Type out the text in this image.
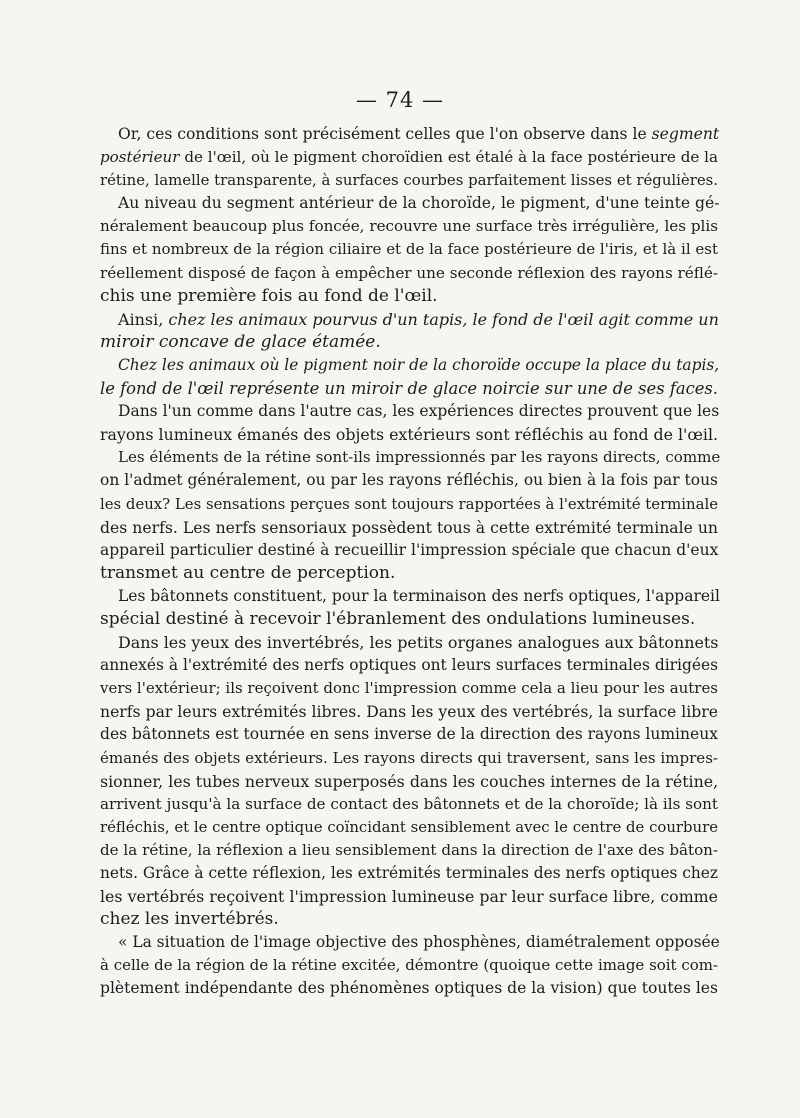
— 74 —
Or, ces conditions sont précisément celles que l'on observe dans le segment
postérieur de l'œil, où le pigment choroïdien est étalé à la face postérieure de la
rétine, lamelle transparente, à surfaces courbes parfaitement lisses et régulières.
Au niveau du segment antérieur de la choroïde, le pigment, d'une teinte gé-
néralement beaucoup plus foncée, recouvre une surface très irrégulière, les plis
fins et nombreux de la région ciliaire et de la face postérieure de l'iris, et là il est
réellement disposé de façon à empêcher une seconde réflexion des rayons réflé-
chis une première fois au fond de l'œil.
Ainsi, chez les animaux pourvus d'un tapis, le fond de l'œil agit comme un
miroir concave de glace étamée.
Chez les animaux où le pigment noir de la choroïde occupe la place du tapis,
le fond de l'œil représente un miroir de glace noircie sur une de ses faces.
Dans l'un comme dans l'autre cas, les expériences directes prouvent que les
rayons lumineux émanés des objets extérieurs sont réfléchis au fond de l'œil.
Les éléments de la rétine sont-ils impressionnés par les rayons directs, comme
on l'admet généralement, ou par les rayons réfléchis, ou bien à la fois par tous
les deux? Les sensations perçues sont toujours rapportées à l'extrémité terminale
des nerfs. Les nerfs sensoriaux possèdent tous à cette extrémité terminale un
appareil particulier destiné à recueillir l'impression spéciale que chacun d'eux
transmet au centre de perception.
Les bâtonnets constituent, pour la terminaison des nerfs optiques, l'appareil
spécial destiné à recevoir l'ébranlement des ondulations lumineuses.
Dans les yeux des invertébrés, les petits organes analogues aux bâtonnets
annexés à l'extrémité des nerfs optiques ont leurs surfaces terminales dirigées
vers l'extérieur; ils reçoivent donc l'impression comme cela a lieu pour les autres
nerfs par leurs extrémités libres. Dans les yeux des vertébrés, la surface libre
des bâtonnets est tournée en sens inverse de la direction des rayons lumineux
émanés des objets extérieurs. Les rayons directs qui traversent, sans les impres-
sionner, les tubes nerveux superposés dans les couches internes de la rétine,
arrivent jusqu'à la surface de contact des bâtonnets et de la choroïde; là ils sont
réfléchis, et le centre optique coïncidant sensiblement avec le centre de courbure
de la rétine, la réflexion a lieu sensiblement dans la direction de l'axe des bâton-
nets. Grâce à cette réflexion, les extrémités terminales des nerfs optiques chez
les vertébrés reçoivent l'impression lumineuse par leur surface libre, comme
chez les invertébrés.
« La situation de l'image objective des phosphènes, diamétralement opposée
à celle de la région de la rétine excitée, démontre (quoique cette image soit com-
plètement indépendante des phénomènes optiques de la vision) que toutes les
